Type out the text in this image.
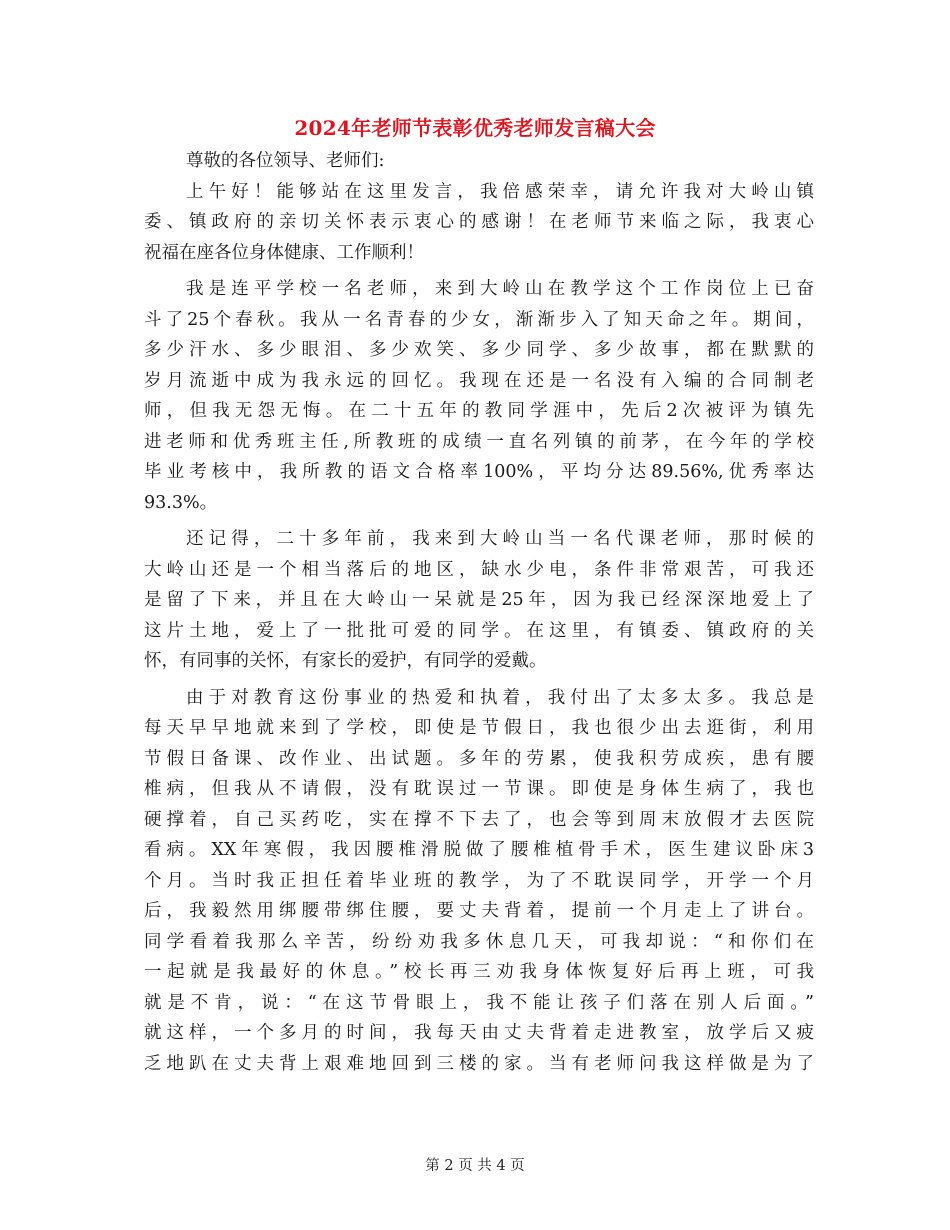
2024年老师节表彰优秀老师发言稿大会
尊敬的各位领导、老师们:
上午好！能够站在这里发言，我倍感荣幸，请允许我对大岭山镇
委、镇政府的亲切关怀表示衷心的感谢！在老师节来临之际，我衷心
祝福在座各位身体健康、工作顺利！
我是连平学校一名老师，来到大岭山在教学这个工作岗位上已奋
斗了25个春秋。我从一名青春的少女，渐渐步入了知天命之年。期间，
多少汗水、多少眼泪、多少欢笑、多少同学、多少故事，都在默默的
岁月流逝中成为我永远的回忆。我现在还是一名没有入编的合同制老
师，但我无怨无悔。在二十五年的教同学涯中，先后2次被评为镇先
进老师和优秀班主任,所教班的成绩一直名列镇的前茅，在今年的学校
毕业考核中，我所教的语文合格率100%，平均分达89.56%,优秀率达
93.3%。
还记得，二十多年前，我来到大岭山当一名代课老师，那时候的
大岭山还是一个相当落后的地区，缺水少电，条件非常艰苦，可我还
是留了下来，并且在大岭山一呆就是25年，因为我已经深深地爱上了
这片土地，爱上了一批批可爱的同学。在这里，有镇委、镇政府的关
怀，有同事的关怀，有家长的爱护，有同学的爱戴。
由于对教育这份事业的热爱和执着，我付出了太多太多。我总是
每天早早地就来到了学校，即使是节假日，我也很少出去逛街，利用
节假日备课、改作业、出试题。多年的劳累，使我积劳成疾，患有腰
椎病，但我从不请假，没有耽误过一节课。即使是身体生病了，我也
硬撑着，自己买药吃，实在撑不下去了，也会等到周末放假才去医院
看病。XX年寒假，我因腰椎滑脱做了腰椎植骨手术，医生建议卧床3
个月。当时我正担任着毕业班的教学，为了不耽误同学，开学一个月
后，我毅然用绑腰带绑住腰，要丈夫背着，提前一个月走上了讲台。
同学看着我那么辛苦，纷纷劝我多休息几天，可我却说：“和你们在
一起就是我最好的休息。”校长再三劝我身体恢复好后再上班，可我
就是不肯，说：“在这节骨眼上，我不能让孩子们落在别人后面。”
就这样，一个多月的时间，我每天由丈夫背着走进教室，放学后又疲
乏地趴在丈夫背上艰难地回到三楼的家。当有老师问我这样做是为了
第 2 页 共 4 页
